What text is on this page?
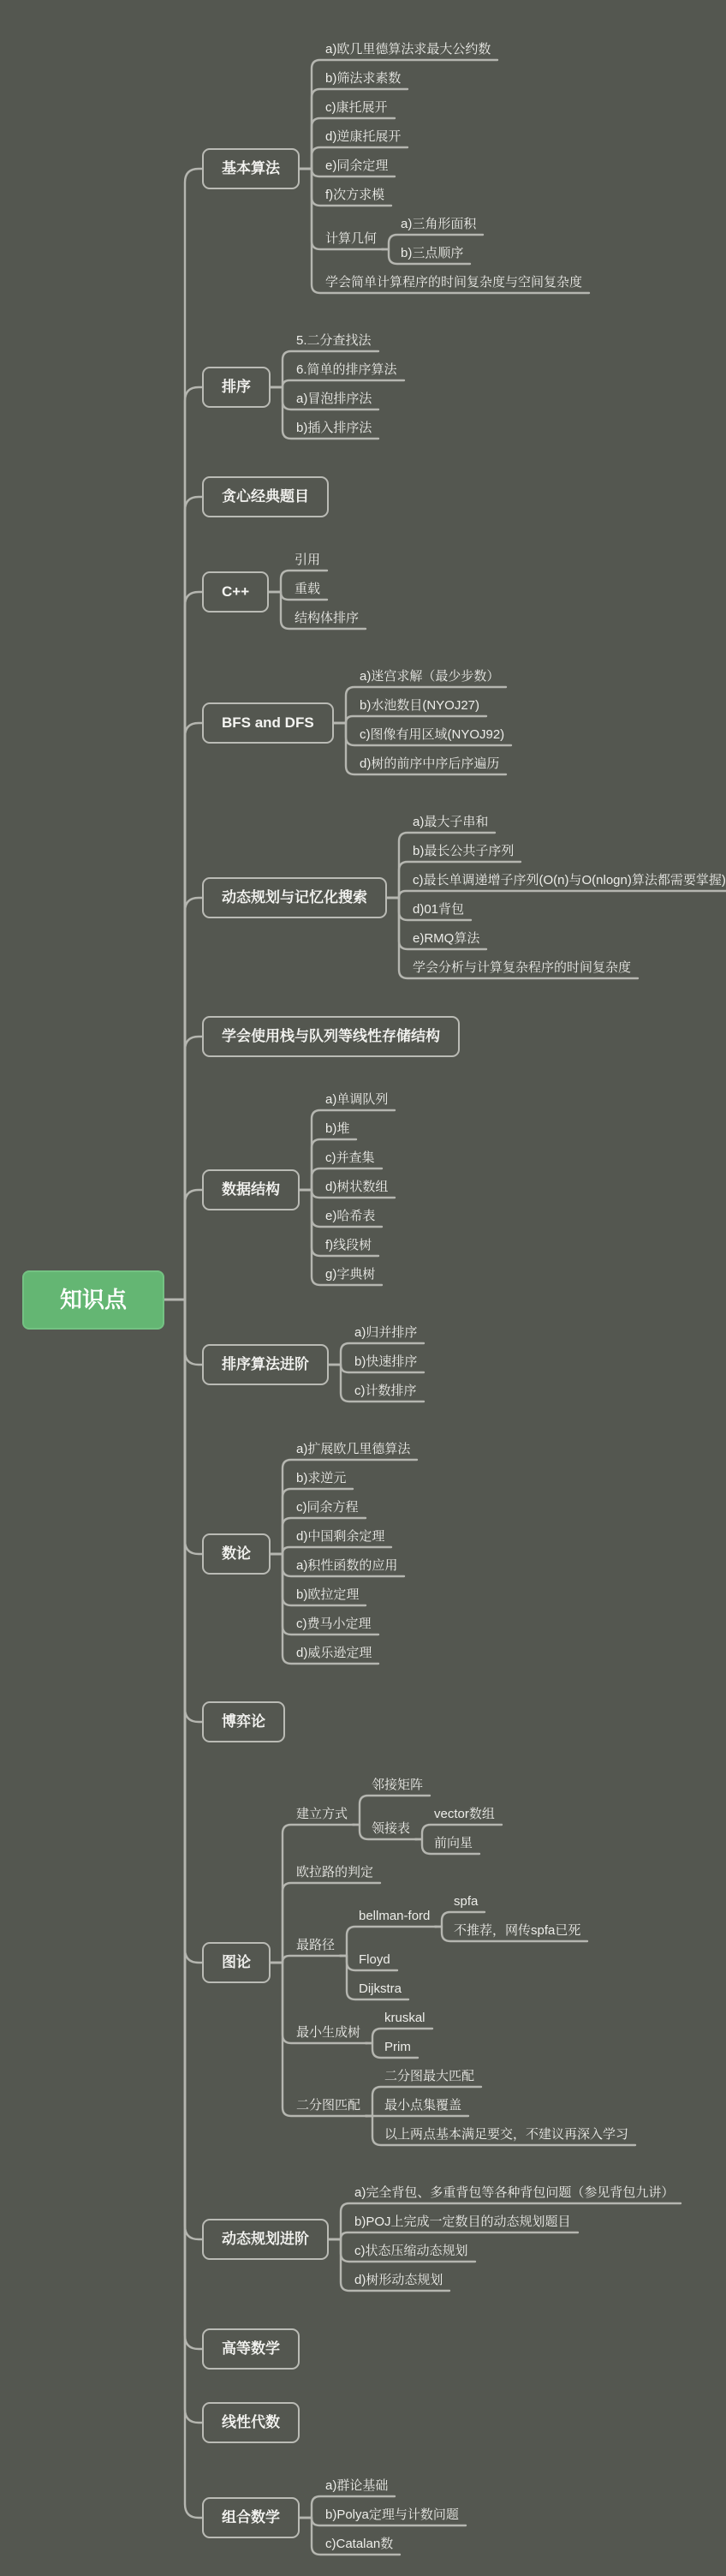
知识点
基本算法
a)欧几里德算法求最大公约数
b)筛法求素数
c)康托展开
d)逆康托展开
e)同余定理
f)次方求模
计算几何
a)三角形面积
b)三点顺序
学会简单计算程序的时间复杂度与空间复杂度
排序
5.二分查找法
6.简单的排序算法
a)冒泡排序法
b)插入排序法
贪心经典题目
C++
引用
重载
结构体排序
BFS and DFS
a)迷宫求解（最少步数）
b)水池数目(NYOJ27)
c)图像有用区域(NYOJ92)
d)树的前序中序后序遍历
动态规划与记忆化搜索
a)最大子串和
b)最长公共子序列
c)最长单调递增子序列(O(n)与O(nlogn)算法都需要掌握)
d)01背包
e)RMQ算法
学会分析与计算复杂程序的时间复杂度
学会使用栈与队列等线性存储结构
数据结构
a)单调队列
b)堆
c)并查集
d)树状数组
e)哈希表
f)线段树
g)字典树
排序算法进阶
a)归并排序
b)快速排序
c)计数排序
数论
a)扩展欧几里德算法
b)求逆元
c)同余方程
d)中国剩余定理
a)积性函数的应用
b)欧拉定理
c)费马小定理
d)威乐逊定理
博弈论
图论
建立方式
邻接矩阵
领接表
vector数组
前向星
欧拉路的判定
最路径
bellman-ford
spfa
不推荐，网传spfa已死
Floyd
Dijkstra
最小生成树
kruskal
Prim
二分图匹配
二分图最大匹配
最小点集覆盖
以上两点基本满足要交，不建议再深入学习
动态规划进阶
a)完全背包、多重背包等各种背包问题（参见背包九讲）
b)POJ上完成一定数目的动态规划题目
c)状态压缩动态规划
d)树形动态规划
高等数学
线性代数
组合数学
a)群论基础
b)Polya定理与计数问题
c)Catalan数
